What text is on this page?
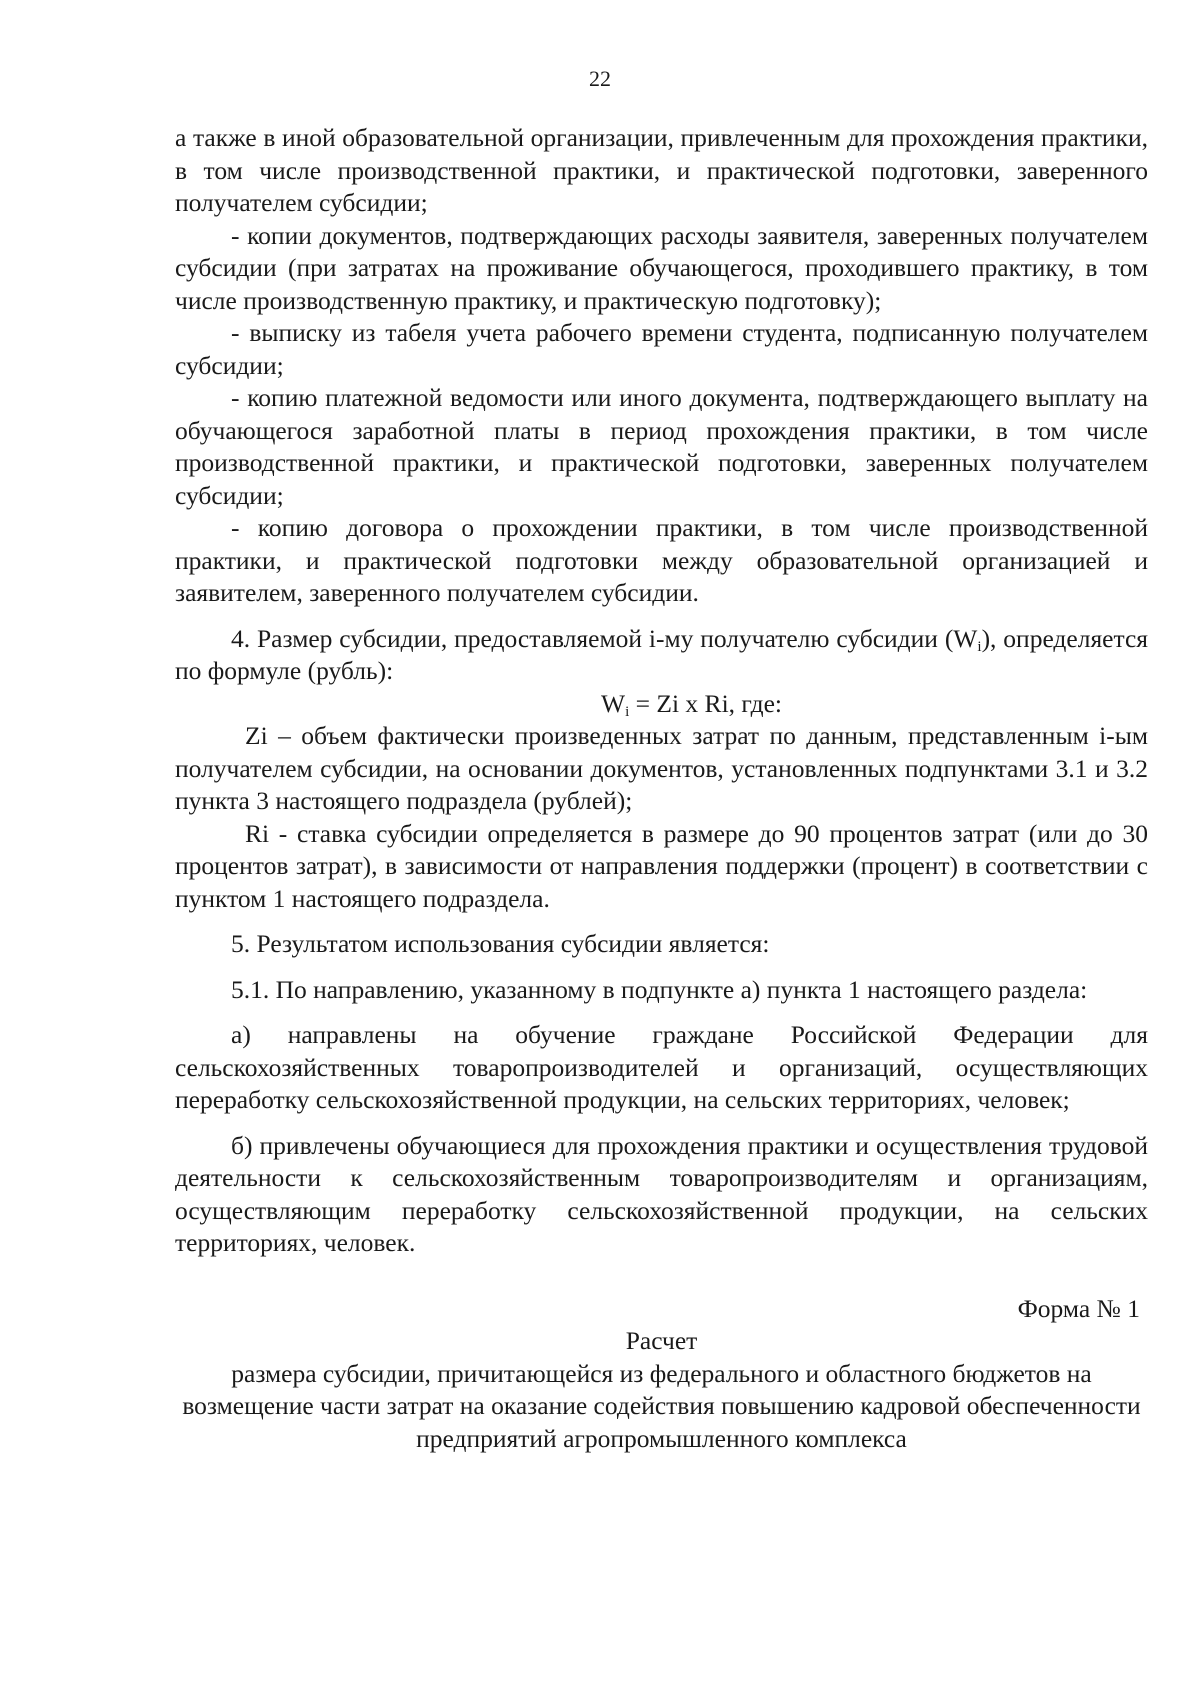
22

а также в иной образовательной организации, привлеченным для прохождения практики, в том числе производственной практики, и практической подготовки, заверенного получателем субсидии;

- копии документов, подтверждающих расходы заявителя, заверенных получателем субсидии (при затратах на проживание обучающегося, проходившего практику, в том числе производственную практику, и практическую подготовку);

- выписку из табеля учета рабочего времени студента, подписанную получателем субсидии;

- копию платежной ведомости или иного документа, подтверждающего выплату на обучающегося заработной платы в период прохождения практики, в том числе производственной практики, и практической подготовки, заверенных получателем субсидии;

- копию договора о прохождении практики, в том числе производственной практики, и практической подготовки между образовательной организацией и заявителем, заверенного получателем субсидии.

4. Размер субсидии, предоставляемой i-му получателю субсидии $(W_i)$, определяется по формуле (рубль):

$W_i = Zi$ x Ri, где:

Zi – объем фактически произведенных затрат по данным, представленным i-ым получателем субсидии, на основании документов, установленных подпунктами 3.1 и 3.2 пункта 3 настоящего подраздела (рублей);

Ri - ставка субсидии определяется в размере до 90 процентов затрат (или до 30 процентов затрат), в зависимости от направления поддержки (процент) в соответствии с пунктом 1 настоящего подраздела.

5. Результатом использования субсидии является:

5.1. По направлению, указанному в подпункте а) пункта 1 настоящего раздела:

а) направлены на обучение граждане Российской Федерации для сельскохозяйственных товаропроизводителей и организаций, осуществляющих переработку сельскохозяйственной продукции, на сельских территориях, человек;

б) привлечены обучающиеся для прохождения практики и осуществления трудовой деятельности к сельскохозяйственным товаропроизводителям и организациям, осуществляющим переработку сельскохозяйственной продукции, на сельских территориях, человек.

Форма № 1

Расчет

размера субсидии, причитающейся из федерального и областного бюджетов на возмещение части затрат на оказание содействия повышению кадровой обеспеченности предприятий агропромышленного комплекса
